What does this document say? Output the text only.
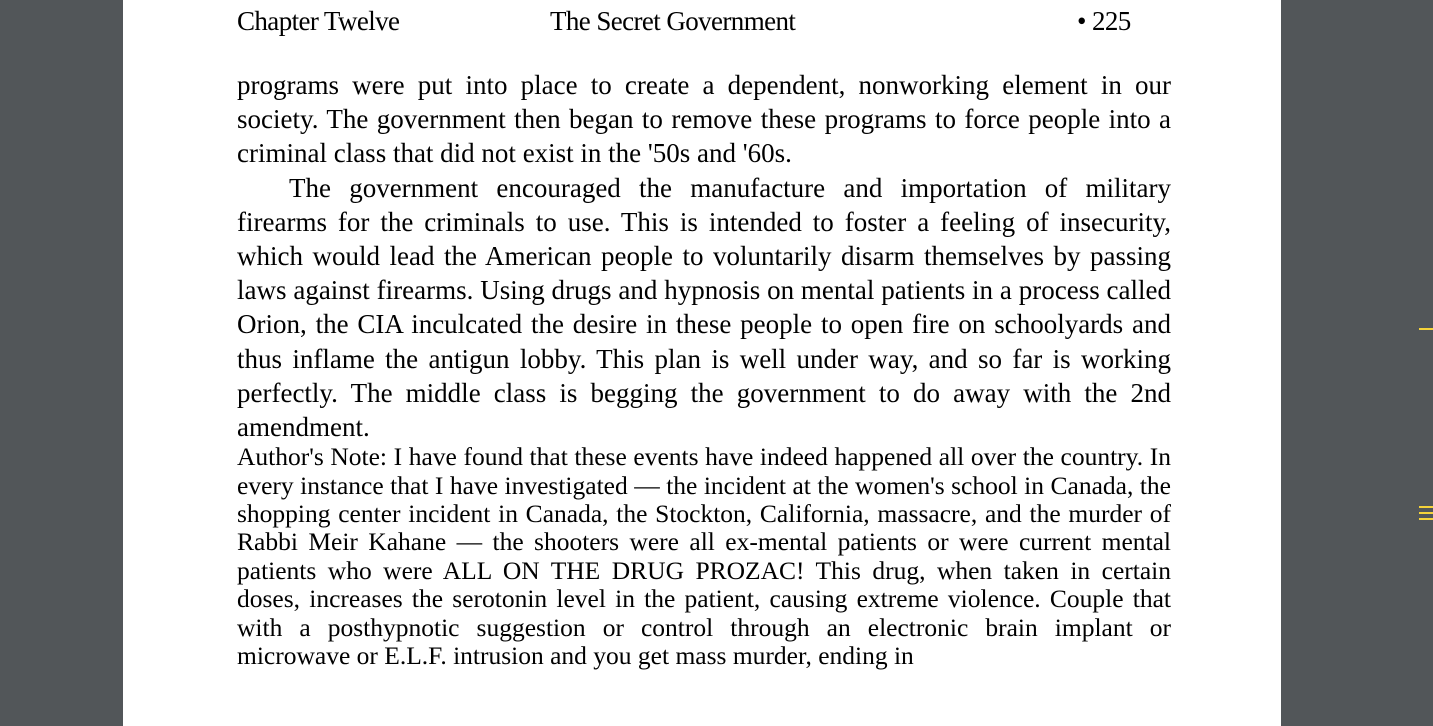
Chapter Twelve	The Secret Government	• 225

programs were put into place to create a dependent, nonworking element in our society. The government then began to remove these programs to force people into a criminal class that did not exist in the '50s and '60s.

The government encouraged the manufacture and importation of military firearms for the criminals to use. This is intended to foster a feeling of insecurity, which would lead the American people to voluntarily disarm themselves by passing laws against firearms. Using drugs and hypnosis on mental patients in a process called Orion, the CIA inculcated the desire in these people to open fire on schoolyards and thus inflame the antigun lobby. This plan is well under way, and so far is working perfectly. The middle class is begging the government to do away with the 2nd amendment.

Author's Note: I have found that these events have indeed happened all over the country. In every instance that I have investigated — the incident at the women's school in Canada, the shopping center incident in Canada, the Stockton, California, massacre, and the murder of Rabbi Meir Kahane — the shooters were all ex-mental patients or were current mental patients who were ALL ON THE DRUG PROZAC! This drug, when taken in certain doses, increases the serotonin level in the patient, causing extreme violence. Couple that with a posthypnotic suggestion or control through an electronic brain implant or microwave or E.L.F. intrusion and you get mass murder, ending in
